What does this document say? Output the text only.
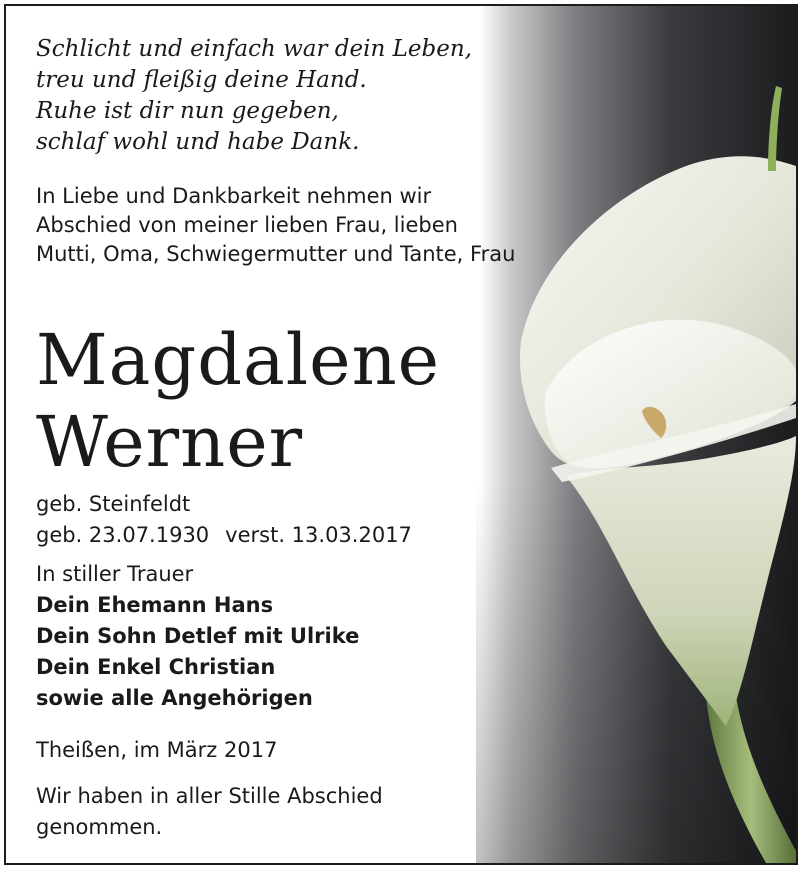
Schlicht und einfach war dein Leben,
treu und fleißig deine Hand.
Ruhe ist dir nun gegeben,
schlaf wohl und habe Dank.

In Liebe und Dankbarkeit nehmen wir Abschied von meiner lieben Frau, lieben Mutti, Oma, Schwiegermutter und Tante, Frau

Magdalene
Werner
geb. Steinfeldt
geb. 23.07.1930 verst. 13.03.2017
In stiller Trauer
Dein Ehemann Hans
Dein Sohn Detlef mit Ulrike
Dein Enkel Christian
sowie alle Angehörigen
Theißen, im März 2017
Wir haben in aller Stille Abschied genommen.
